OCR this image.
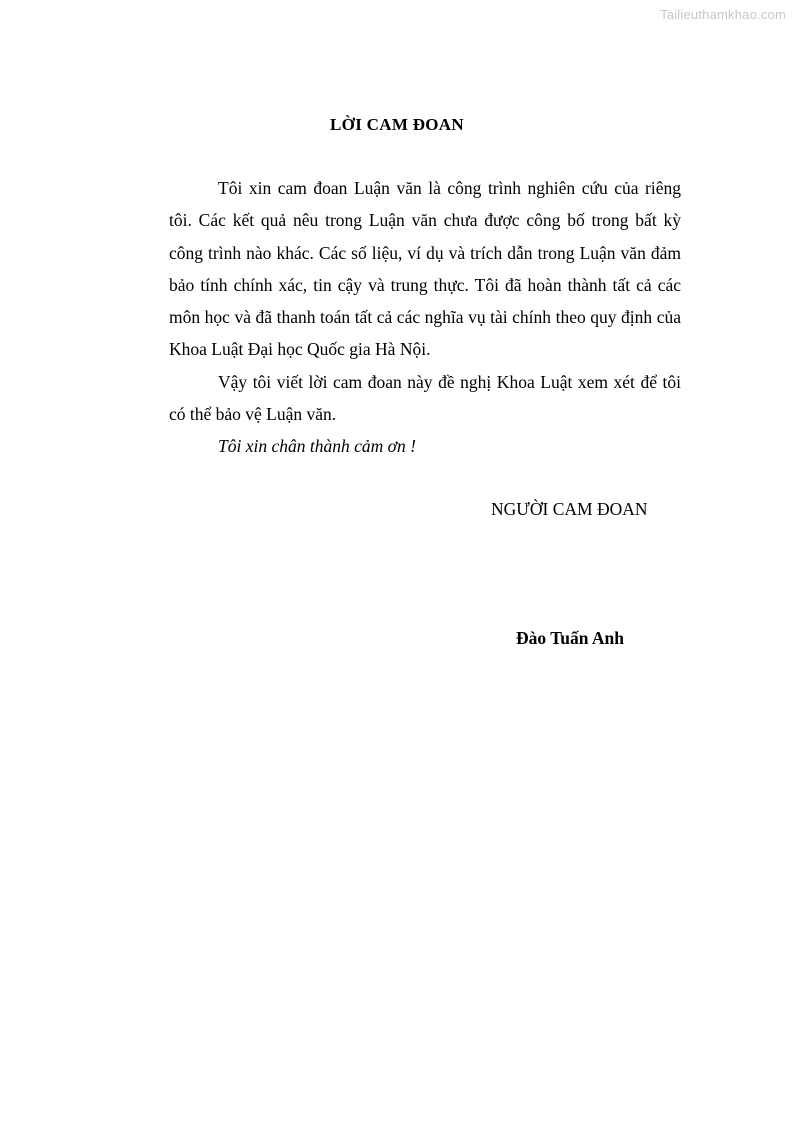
Tailieuthamkhao.com
LỜI CAM ĐOAN

Tôi xin cam đoan Luận văn là công trình nghiên cứu của riêng tôi. Các kết quả nêu trong Luận văn chưa được công bố trong bất kỳ công trình nào khác. Các số liệu, ví dụ và trích dẫn trong Luận văn đảm bảo tính chính xác, tin cậy và trung thực. Tôi đã hoàn thành tất cả các môn học và đã thanh toán tất cả các nghĩa vụ tài chính theo quy định của Khoa Luật Đại học Quốc gia Hà Nội.

Vậy tôi viết lời cam đoan này đề nghị Khoa Luật xem xét để tôi có thể bảo vệ Luận văn.

Tôi xin chân thành cảm ơn !

NGƯỜI CAM ĐOAN
Đào Tuấn Anh
